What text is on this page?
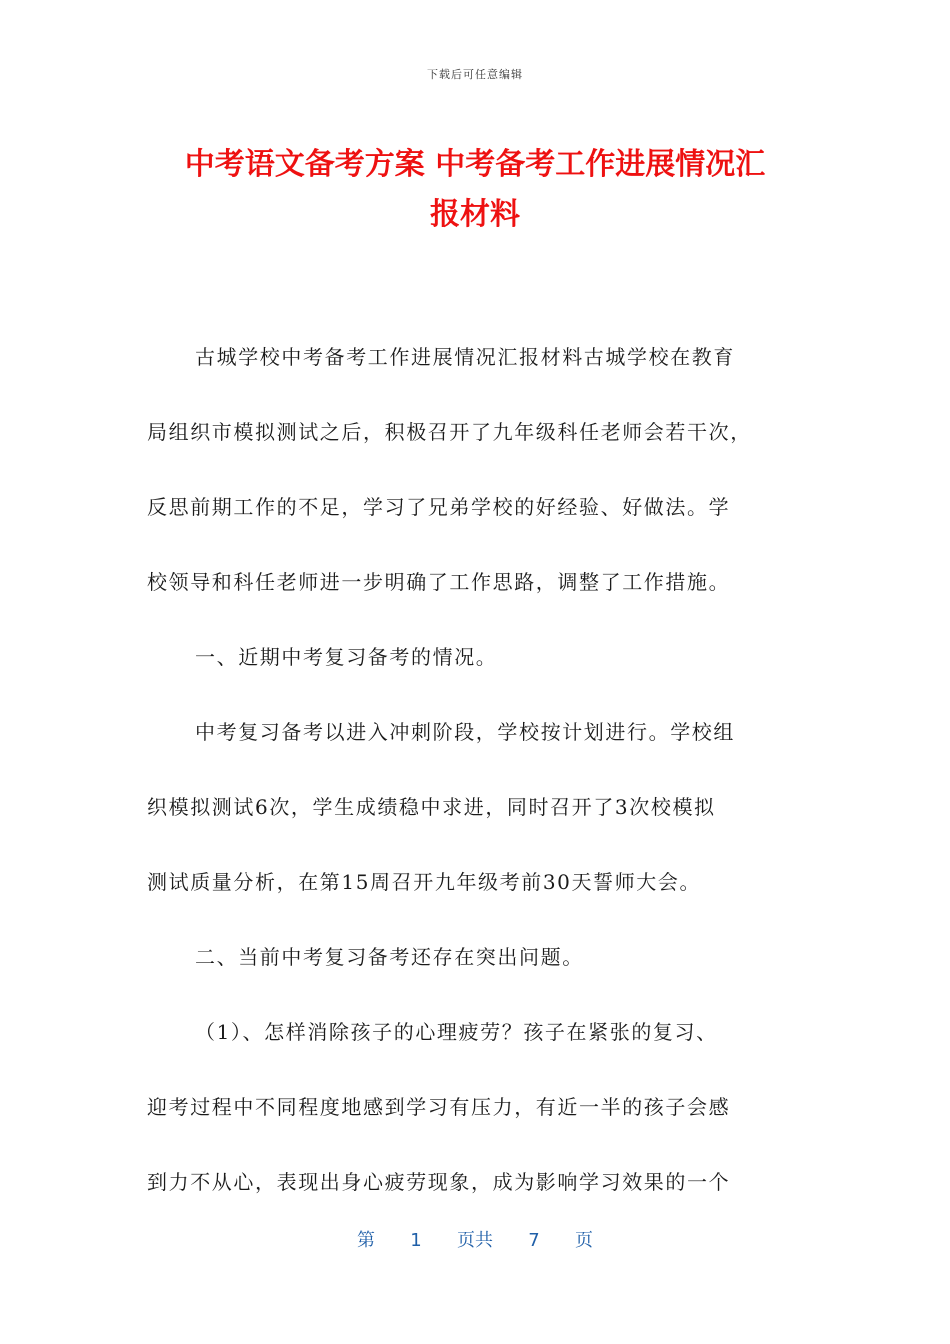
下载后可任意编辑
中考语文备考方案 中考备考工作进展情况汇
报材料

古城学校中考备考工作进展情况汇报材料古城学校在教育

局组织市模拟测试之后，积极召开了九年级科任老师会若干次，

反思前期工作的不足，学习了兄弟学校的好经验、好做法。学

校领导和科任老师进一步明确了工作思路，调整了工作措施。

一、近期中考复习备考的情况。

中考复习备考以进入冲刺阶段，学校按计划进行。学校组

织模拟测试6次，学生成绩稳中求进，同时召开了3次校模拟

测试质量分析，在第15周召开九年级考前30天誓师大会。

二、当前中考复习备考还存在突出问题。

（1）、怎样消除孩子的心理疲劳？孩子在紧张的复习、

迎考过程中不同程度地感到学习有压力，有近一半的孩子会感

到力不从心，表现出身心疲劳现象，成为影响学习效果的一个

第 1 页共 7 页
